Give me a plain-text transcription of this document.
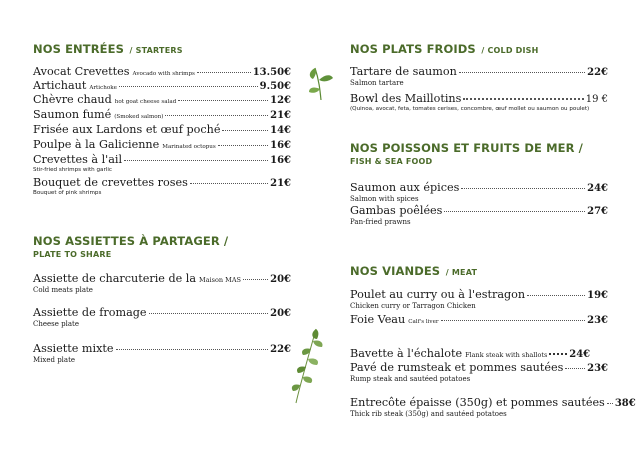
NOS ENTRÉES / STARTERS
Avocat Crevettes Avocado with shrimps	13.50€
Artichaut Artichoke	9.50€
Chèvre chaud hot goat cheese salad	12€
Saumon fumé (Smoked salmon)	21€
Frisée aux Lardons et œuf poché	14€
Poulpe à la Galicienne Marinated octopus	16€
Crevettes à l'ail	16€
Stir-fried shrimps with garlic
Bouquet de crevettes roses	21€
Bouquet of pink shrimps
NOS ASSIETTES À PARTAGER /
PLATE TO SHARE
Assiette de charcuterie de la Maison MAS	20€
Cold meats plate
Assiette de fromage	20€
Cheese plate
Assiette mixte	22€
Mixed plate
NOS PLATS FROIDS / COLD DISH
Tartare de saumon	22€
Salmon tartare
Bowl des Maillotins	19 €
(Quinoa, avocat, feta, tomates cerises, concombre, œuf mollet ou saumon ou poulet)
NOS POISSONS ET FRUITS DE MER /
FISH & SEA FOOD
Saumon aux épices	24€
Salmon with spices
Gambas poêlées	27€
Pan-fried prawns
NOS VIANDES / MEAT
Poulet au curry ou à l'estragon	19€
Chicken curry or Tarragon Chicken
Foie Veau Calf's liver	23€
Bavette à l'échalote Flank steak with shallots 24€
Pavé de rumsteak et pommes sautées 23€
Rump steak and sautéed potatoes
Entrecôte épaisse (350g) et pommes sautées 38€
Thick rib steak (350g) and sautéed potatoes
